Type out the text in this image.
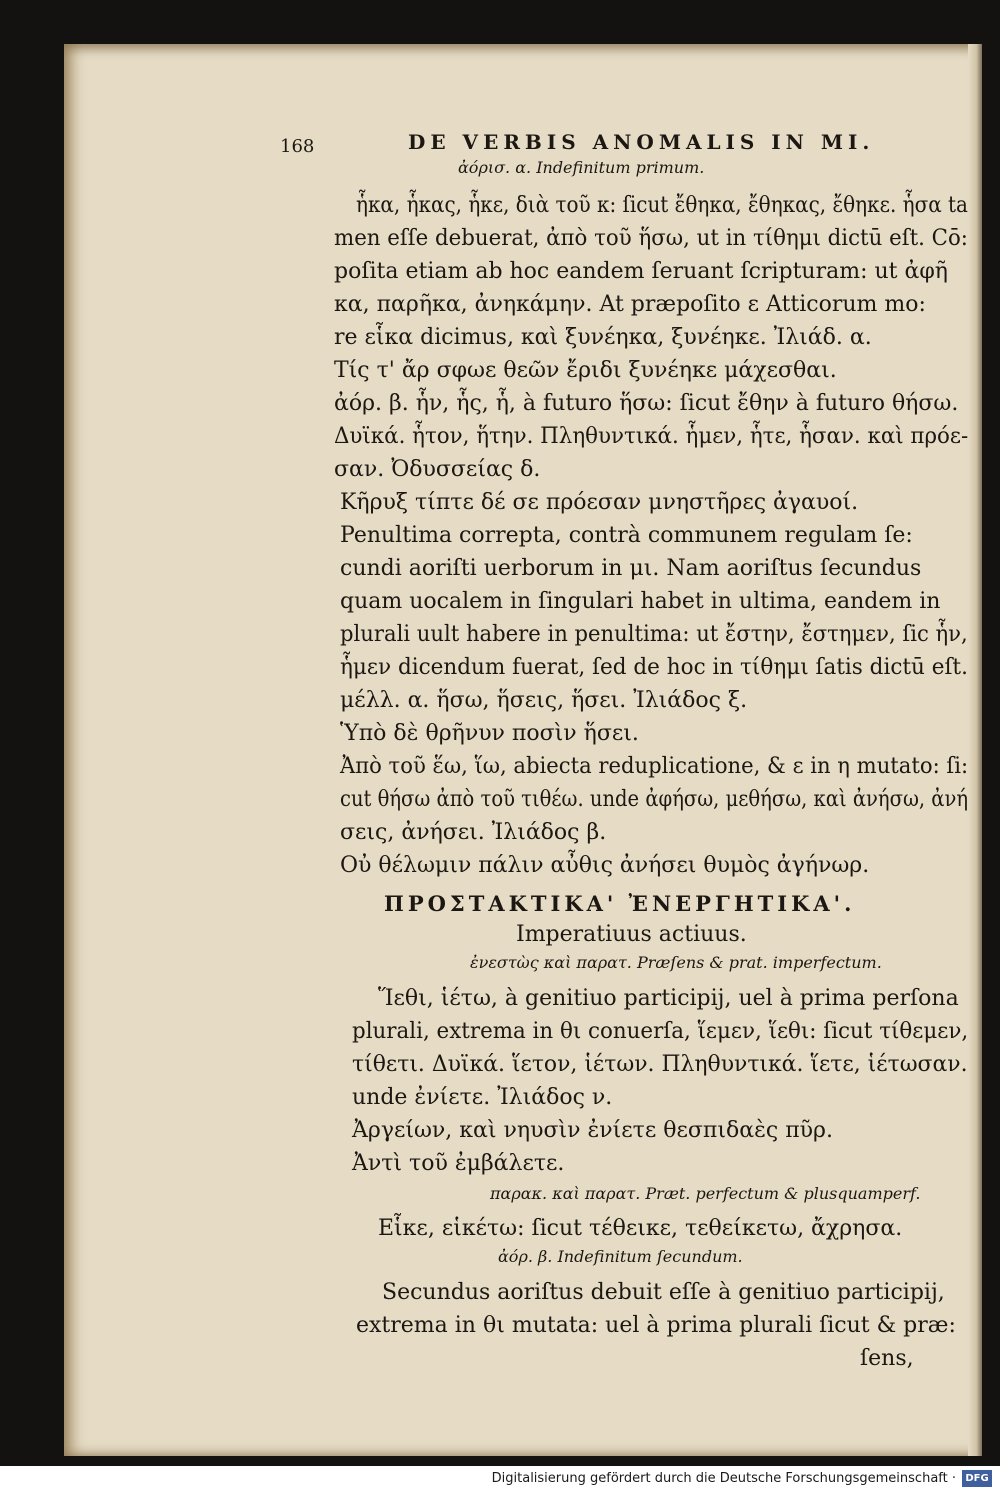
168	DE VERBIS ANOMALIS IN MI.
ἀόρισ. α. Indefinitum primum.
ἧκα, ἧκας, ἧκε, διὰ τοῦ κ: ſicut ἔθηκα, ἔθηκας, ἔθηκε. ἧσα ta
men eſſe debuerat, ἀπὸ τοῦ ἥσω, ut in τίθημι dictū eſt. Cō:
poſita etiam ab hoc eandem ſeruant ſcripturam: ut ἀφῆ
κα, παρῆκα, ἀνηκάμην. At præpoſito ε Atticorum mo:
re εἷκα dicimus, καὶ ξυνέηκα, ξυνέηκε. Ἰλιάδ. α.
Τίς τ' ἄρ σφωε θεῶν ἔριδι ξυνέηκε μάχεσθαι.
ἀόρ. β. ἧν, ἧς, ἧ, à futuro ἥσω: ſicut ἔθην à futuro θήσω.
Δυϊκά. ἧτον, ἥτην. Πληθυντικά. ἧμεν, ἧτε, ἧσαν. καὶ πρόε-
σαν. Ὀδυσσείας δ.
Κῆρυξ τίπτε δέ σε πρόεσαν μνηστῆρες ἀγαυοί.
Penultima correpta, contrà communem regulam ſe:
cundi aoriſti uerborum in μι. Nam aoriſtus ſecundus
quam uocalem in ſingulari habet in ultima, eandem in
plurali uult habere in penultima: ut ἔστην, ἔστημεν, ſic ἧν,
ἧμεν dicendum fuerat, ſed de hoc in τίθημι ſatis dictū eſt.
μέλλ. α. ἥσω, ἥσεις, ἥσει. Ἰλιάδος ξ.
Ὑπὸ δὲ θρῆνυν ποσὶν ἥσει.
Ἀπὸ τοῦ ἕω, ἵω, abiecta reduplicatione, & ε in η mutato: ſi:
cut θήσω ἀπὸ τοῦ τιθέω. unde ἀφήσω, μεθήσω, καὶ ἀνήσω, ἀνή
σεις, ἀνήσει. Ἰλιάδος β.
Οὐ θέλωμιν πάλιν αὖθις ἀνήσει θυμὸς ἀγήνωρ.
ΠΡΟΣΤΑΚΤΙΚΑ' ἘΝΕΡΓΗΤΙΚΑ'.
Imperatiuus actiuus.
ἐνεστὼς καὶ παρατ. Præſens & prat. imperfectum.
Ἵεθι, ἱέτω, à genitiuo participij, uel à prima perſona
plurali, extrema in θι conuerſa, ἵεμεν, ἵεθι: ſicut τίθεμεν,
τίθετι. Δυϊκά. ἵετον, ἱέτων. Πληθυντικά. ἵετε, ἱέτωσαν.
unde ἐνίετε. Ἰλιάδος ν.
Ἀργείων, καὶ νηυσὶν ἐνίετε θεσπιδαὲς πῦρ.
Ἀντὶ τοῦ ἐμβάλετε.
παρακ. καὶ παρατ. Præt. perfectum & plusquamperf.
Εἷκε, εἱκέτω: ſicut τέθεικε, τεθείκετω, ἄχρησα.
ἀόρ. β. Indefinitum ſecundum.
Secundus aoriſtus debuit eſſe à genitiuo participij,
extrema in θι mutata: uel à prima plurali ſicut & præ:
ſens,
Digitalisierung gefördert durch die Deutsche Forschungsgemeinschaft · DFG
